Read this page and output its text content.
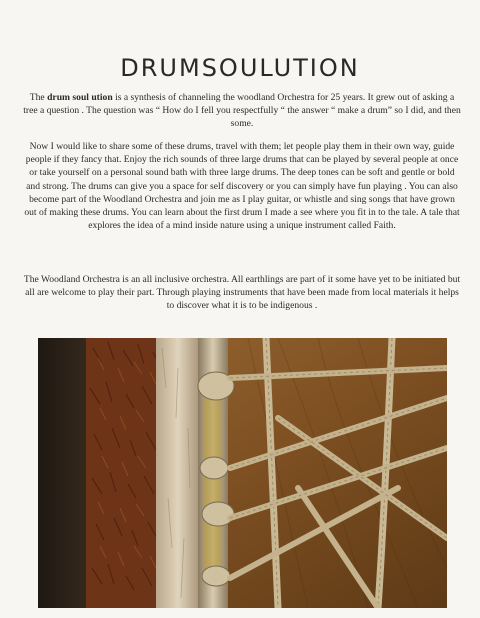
DRUMSOULUTION

The drum soul ution is a synthesis of channeling the woodland Orchestra for 25 years. It grew out of asking a tree a question . The question was “ How do I fell you respectfully “ the answer “ make a drum” so I did, and then some.

Now I would like to share some of these drums, travel with them; let people play them in their own way, guide people if they fancy that. Enjoy the rich sounds of three large drums that can be played by several people at once or take yourself on a personal sound bath with three large drums. The deep tones can be soft and gentle or bold and strong. The drums can give you a space for self discovery or you can simply have fun playing . You can also become part of the Woodland Orchestra and join me as I play guitar, or whistle and sing songs that have grown out of making these drums. You can learn about the first drum I made a see where you fit in to the tale. A tale that explores the idea of a mind inside nature using a unique instrument called Faith.

The Woodland Orchestra is an all inclusive orchestra. All earthlings are part of it some have yet to be initiated but all are welcome to play their part. Through playing instruments that have been made from local materials it helps to discover what it is to be indigenous .
